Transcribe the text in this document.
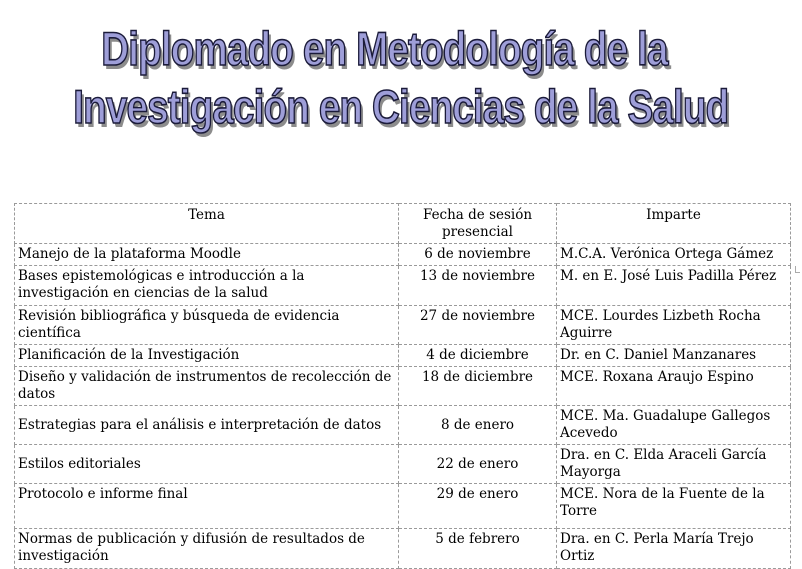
Diplomado en Metodología de la
Investigación en Ciencias de la Salud
Tema	Fecha de sesión presencial	Imparte
Manejo de la plataforma Moodle	6 de noviembre	M.C.A. Verónica Ortega Gámez
Bases epistemológicas e introducción a la investigación en ciencias de la salud	13 de noviembre	M. en E. José Luis Padilla Pérez
Revisión bibliográfica y búsqueda de evidencia científica	27 de noviembre	MCE. Lourdes Lizbeth Rocha Aguirre
Planificación de la Investigación	4 de diciembre	Dr. en C. Daniel Manzanares
Diseño y validación de instrumentos de recolección de datos	18 de diciembre	MCE. Roxana Araujo Espino
Estrategias para el análisis e interpretación de datos	8 de enero	MCE. Ma. Guadalupe Gallegos Acevedo
Estilos editoriales	22 de enero	Dra. en C. Elda Araceli García Mayorga
Protocolo e informe final	29 de enero	MCE. Nora de la Fuente de la Torre
Normas de publicación y difusión de resultados de investigación	5 de febrero	Dra. en C. Perla María Trejo Ortiz
